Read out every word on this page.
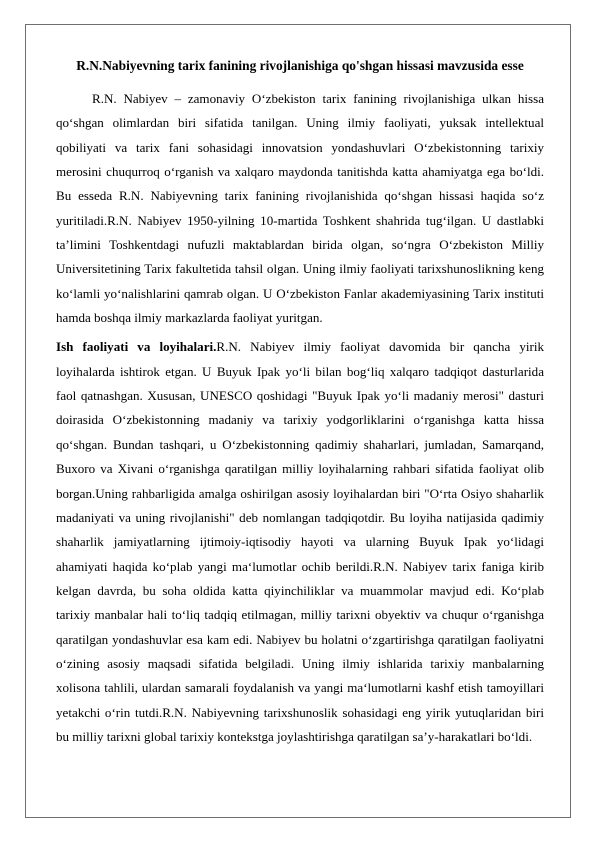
R.N.Nabiyevning tarix fanining rivojlanishiga qo'shgan hissasi mavzusida esse

R.N. Nabiyev – zamonaviy O‘zbekiston tarix fanining rivojlanishiga ulkan hissa qo‘shgan olimlardan biri sifatida tanilgan. Uning ilmiy faoliyati, yuksak intellektual qobiliyati va tarix fani sohasidagi innovatsion yondashuvlari O‘zbekistonning tarixiy merosini chuqurroq o‘rganish va xalqaro maydonda tanitishda katta ahamiyatga ega bo‘ldi. Bu esseda R.N. Nabiyevning tarix fanining rivojlanishida qo‘shgan hissasi haqida so‘z yuritiladi.R.N. Nabiyev 1950-yilning 10-martida Toshkent shahrida tug‘ilgan. U dastlabki ta’limini Toshkentdagi nufuzli maktablardan birida olgan, so‘ngra O‘zbekiston Milliy Universitetining Tarix fakultetida tahsil olgan. Uning ilmiy faoliyati tarixshunoslikning keng ko‘lamli yo‘nalishlarini qamrab olgan. U O‘zbekiston Fanlar akademiyasining Tarix instituti hamda boshqa ilmiy markazlarda faoliyat yuritgan.

Ish faoliyati va loyihalari.R.N. Nabiyev ilmiy faoliyat davomida bir qancha yirik loyihalarda ishtirok etgan. U Buyuk Ipak yo‘li bilan bog‘liq xalqaro tadqiqot dasturlarida faol qatnashgan. Xususan, UNESCO qoshidagi "Buyuk Ipak yo‘li madaniy merosi" dasturi doirasida O‘zbekistonning madaniy va tarixiy yodgorliklarini o‘rganishga katta hissa qo‘shgan. Bundan tashqari, u O‘zbekistonning qadimiy shaharlari, jumladan, Samarqand, Buxoro va Xivani o‘rganishga qaratilgan milliy loyihalarning rahbari sifatida faoliyat olib borgan.Uning rahbarligida amalga oshirilgan asosiy loyihalardan biri "O‘rta Osiyo shaharlik madaniyati va uning rivojlanishi" deb nomlangan tadqiqotdir. Bu loyiha natijasida qadimiy shaharlik jamiyatlarning ijtimoiy-iqtisodiy hayoti va ularning Buyuk Ipak yo‘lidagi ahamiyati haqida ko‘plab yangi ma‘lumotlar ochib berildi.R.N. Nabiyev tarix faniga kirib kelgan davrda, bu soha oldida katta qiyinchiliklar va muammolar mavjud edi. Ko‘plab tarixiy manbalar hali to‘liq tadqiq etilmagan, milliy tarixni obyektiv va chuqur o‘rganishga qaratilgan yondashuvlar esa kam edi. Nabiyev bu holatni o‘zgartirishga qaratilgan faoliyatni o‘zining asosiy maqsadi sifatida belgiladi. Uning ilmiy ishlarida tarixiy manbalarning xolisona tahlili, ulardan samarali foydalanish va yangi ma‘lumotlarni kashf etish tamoyillari yetakchi o‘rin tutdi.R.N. Nabiyevning tarixshunoslik sohasidagi eng yirik yutuqlaridan biri bu milliy tarixni global tarixiy kontekstga joylashtirishga qaratilgan sa’y-harakatlari bo‘ldi.
